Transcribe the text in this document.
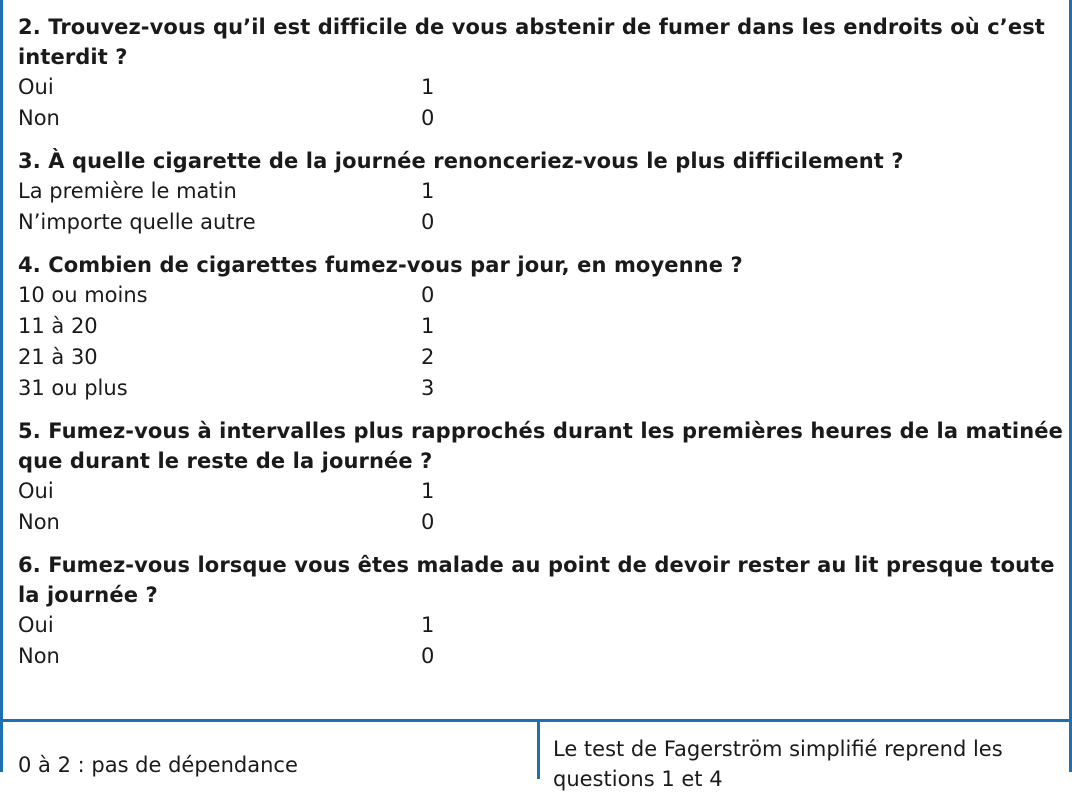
2. Trouvez-vous qu’il est difficile de vous abstenir de fumer dans les endroits où c’est interdit ?

Oui	1
Non	0

3. À quelle cigarette de la journée renonceriez-vous le plus difficilement ?

La première le matin	1
N’importe quelle autre	0

4. Combien de cigarettes fumez-vous par jour, en moyenne ?

10 ou moins	0
11 à 20	1
21 à 30	2
31 ou plus	3

5. Fumez-vous à intervalles plus rapprochés durant les premières heures de la matinée que durant le reste de la journée ?

Oui	1
Non	0

6. Fumez-vous lorsque vous êtes malade au point de devoir rester au lit presque toute la journée ?

Oui	1
Non	0
0 à 2 : pas de dépendance
Le test de Fagerström simplifié reprend les questions 1 et 4
